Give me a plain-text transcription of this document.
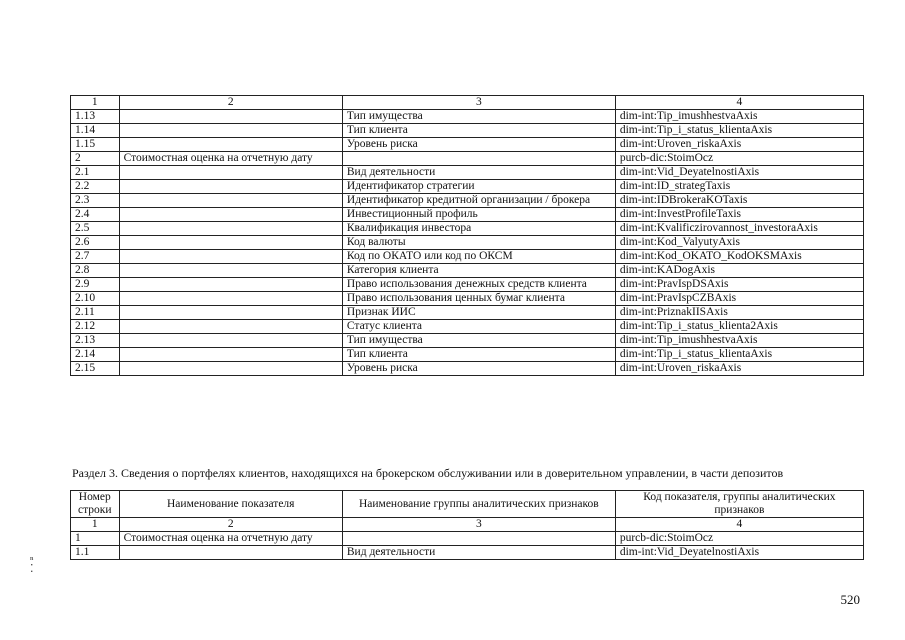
1	2	3	4
1.13		Тип имущества	dim-int:Tip_imushhestvaAxis
1.14		Тип клиента	dim-int:Tip_i_status_klientaAxis
1.15		Уровень риска	dim-int:Uroven_riskaAxis
2	Стоимостная оценка на отчетную дату		purcb-dic:StoimOcz
2.1		Вид деятельности	dim-int:Vid_DeyatelnostiAxis
2.2		Идентификатор стратегии	dim-int:ID_strategTaxis
2.3		Идентификатор кредитной организации / брокера	dim-int:IDBrokeraKOTaxis
2.4		Инвестиционный профиль	dim-int:InvestProfileTaxis
2.5		Квалификация инвестора	dim-int:Kvalificzirovannost_investoraAxis
2.6		Код валюты	dim-int:Kod_ValyutyAxis
2.7		Код по ОКАТО или код по ОКСМ	dim-int:Kod_OKATO_KodOKSMAxis
2.8		Категория клиента	dim-int:KADogAxis
2.9		Право использования денежных средств клиента	dim-int:PravIspDSAxis
2.10		Право использования ценных бумаг клиента	dim-int:PravIspCZBAxis
2.11		Признак ИИС	dim-int:PriznakIISAxis
2.12		Статус клиента	dim-int:Tip_i_status_klienta2Axis
2.13		Тип имущества	dim-int:Tip_imushhestvaAxis
2.14		Тип клиента	dim-int:Tip_i_status_klientaAxis
2.15		Уровень риска	dim-int:Uroven_riskaAxis
Раздел 3. Сведения о портфелях клиентов, находящихся на брокерском обслуживании или в доверительном управлении, в части депозитов
Номер строки	Наименование показателя	Наименование группы аналитических признаков	Код показателя, группы аналитических признаков
1	2	3	4
1	Стоимостная оценка на отчетную дату		purcb-dic:StoimOcz
1.1		Вид деятельности	dim-int:Vid_DeyatelnostiAxis
ⁿ
⁚
520
